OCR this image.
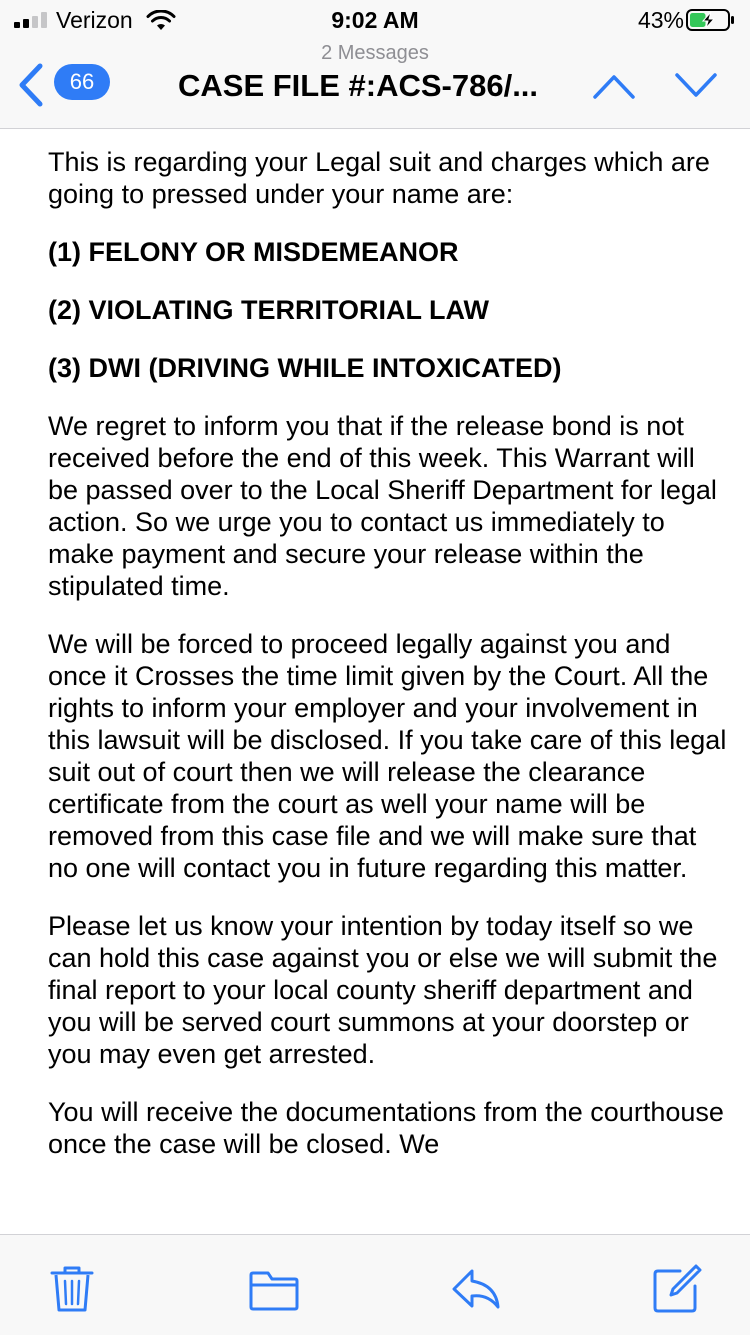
Verizon	9:02 AM	43%
66
2 Messages
CASE FILE #:ACS-786/...

This is regarding your Legal suit and charges which are going to pressed under your name are:

(1) FELONY OR MISDEMEANOR

(2) VIOLATING TERRITORIAL LAW

(3) DWI (DRIVING WHILE INTOXICATED)

We regret to inform you that if the release bond is not received before the end of this week. This Warrant will be passed over to the Local Sheriff Department for legal action. So we urge you to contact us immediately to make payment and secure your release within the stipulated time.

We will be forced to proceed legally against you and once it Crosses the time limit given by the Court. All the rights to inform your employer and your involvement in this lawsuit will be disclosed. If you take care of this legal suit out of court then we will release the clearance certificate from the court as well your name will be removed from this case file and we will make sure that no one will contact you in future regarding this matter.

Please let us know your intention by today itself so we can hold this case against you or else we will submit the final report to your local county sheriff department and you will be served court summons at your doorstep or you may even get arrested.

You will receive the documentations from the courthouse once the case will be closed. We
